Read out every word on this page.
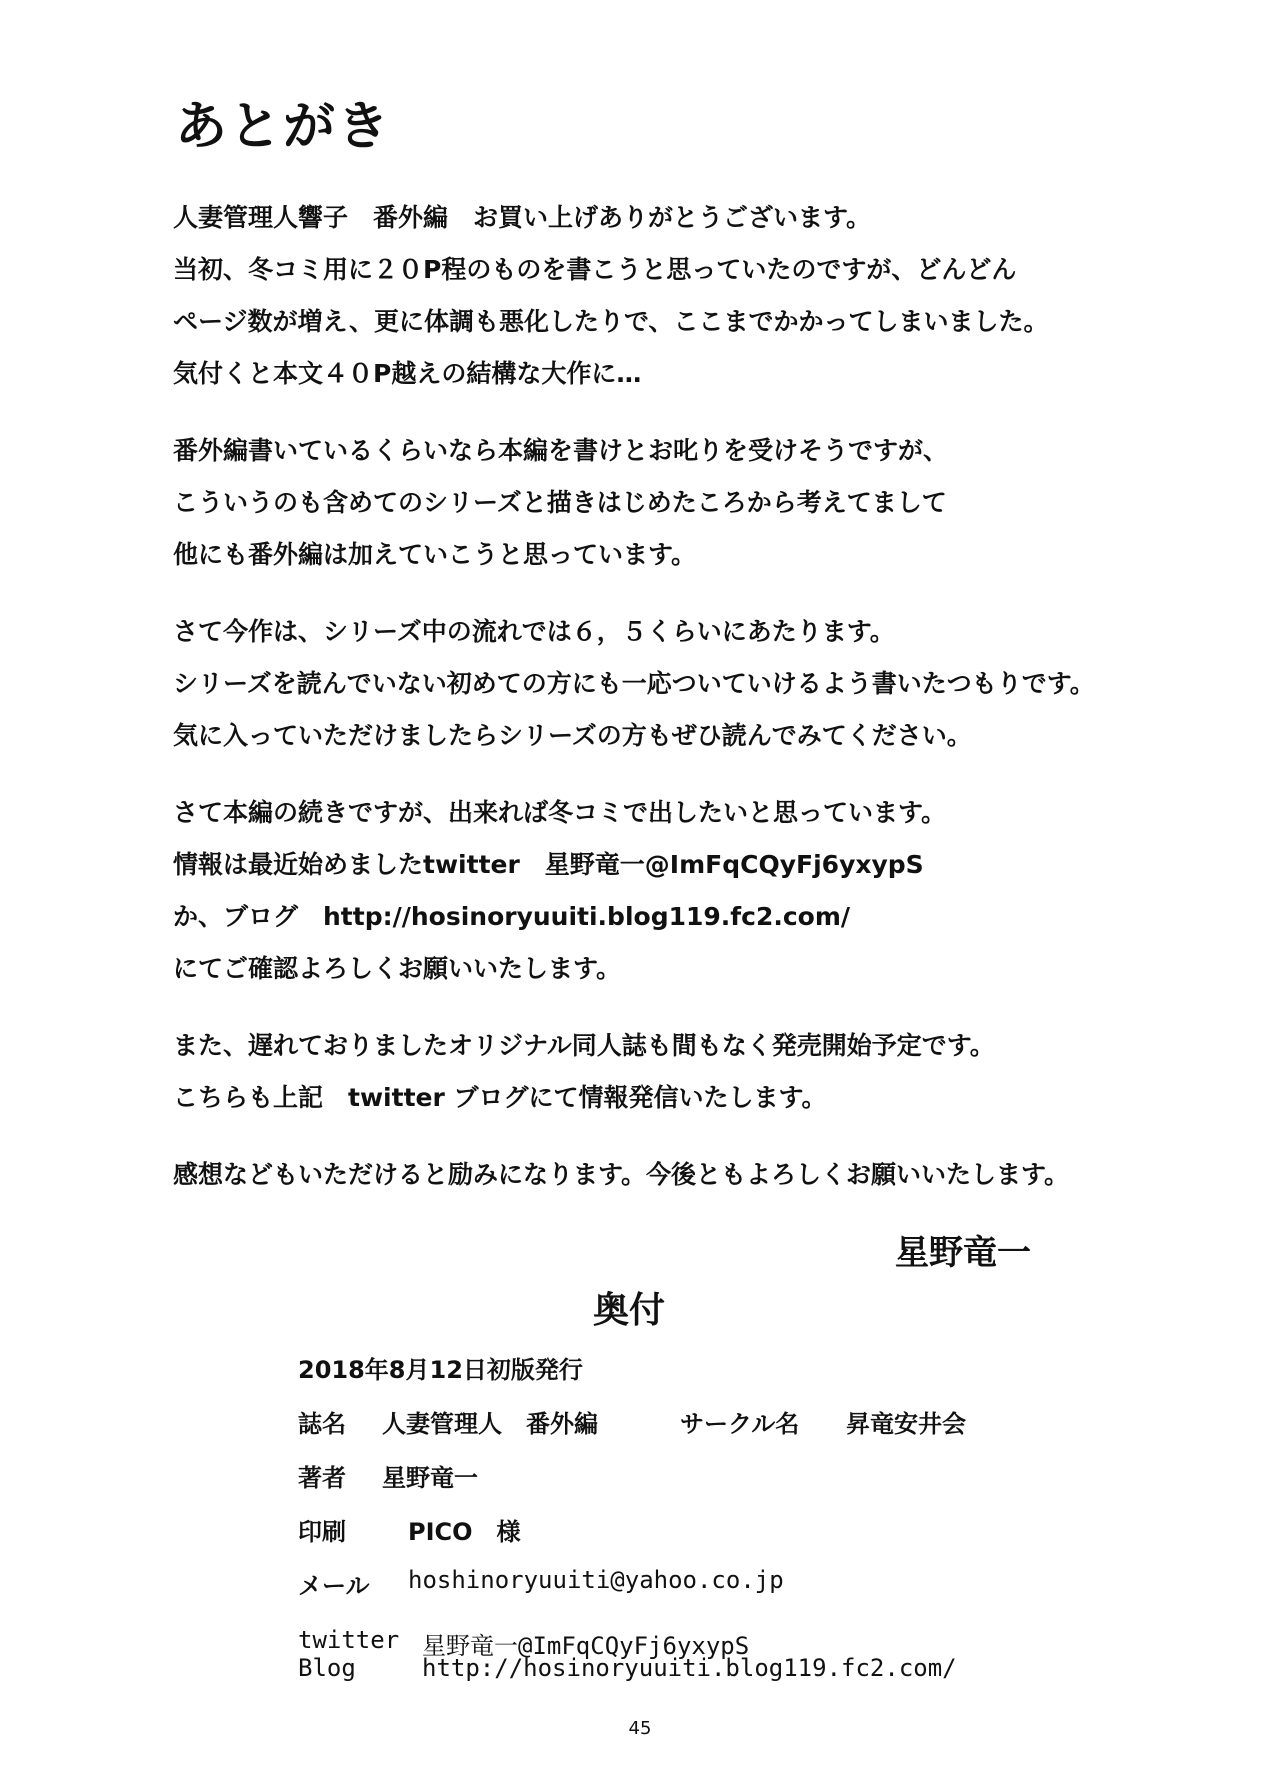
あとがき
人妻管理人響子　番外編　お買い上げありがとうございます。
当初、冬コミ用に２０P程のものを書こうと思っていたのですが、どんどん
ページ数が増え、更に体調も悪化したりで、ここまでかかってしまいました。
気付くと本文４０P越えの結構な大作に…
番外編書いているくらいなら本編を書けとお叱りを受けそうですが、
こういうのも含めてのシリーズと描きはじめたころから考えてまして
他にも番外編は加えていこうと思っています。
さて今作は、シリーズ中の流れでは６，５くらいにあたります。
シリーズを読んでいない初めての方にも一応ついていけるよう書いたつもりです。
気に入っていただけましたらシリーズの方もぜひ読んでみてください。
さて本編の続きですが、出来れば冬コミで出したいと思っています。
情報は最近始めましたtwitter　星野竜一@ImFqCQyFj6yxypS
か、ブログ　http://hosinoryuuiti.blog119.fc2.com/
にてご確認よろしくお願いいたします。
また、遅れておりましたオリジナル同人誌も間もなく発売開始予定です。
こちらも上記　twitter ブログにて情報発信いたします。
感想などもいただけると励みになります。今後ともよろしくお願いいたします。
星野竜一
奥付
2018年8月12日初版発行
誌名 人妻管理人　番外編	サークル名 昇竜安井会
著者 星野竜一
印刷	PICO　様
メール hoshinoryuuiti@yahoo.co.jp
twitter 星野竜一@ImFqCQyFj6yxypS
Blog	http://hosinoryuuiti.blog119.fc2.com/
45
